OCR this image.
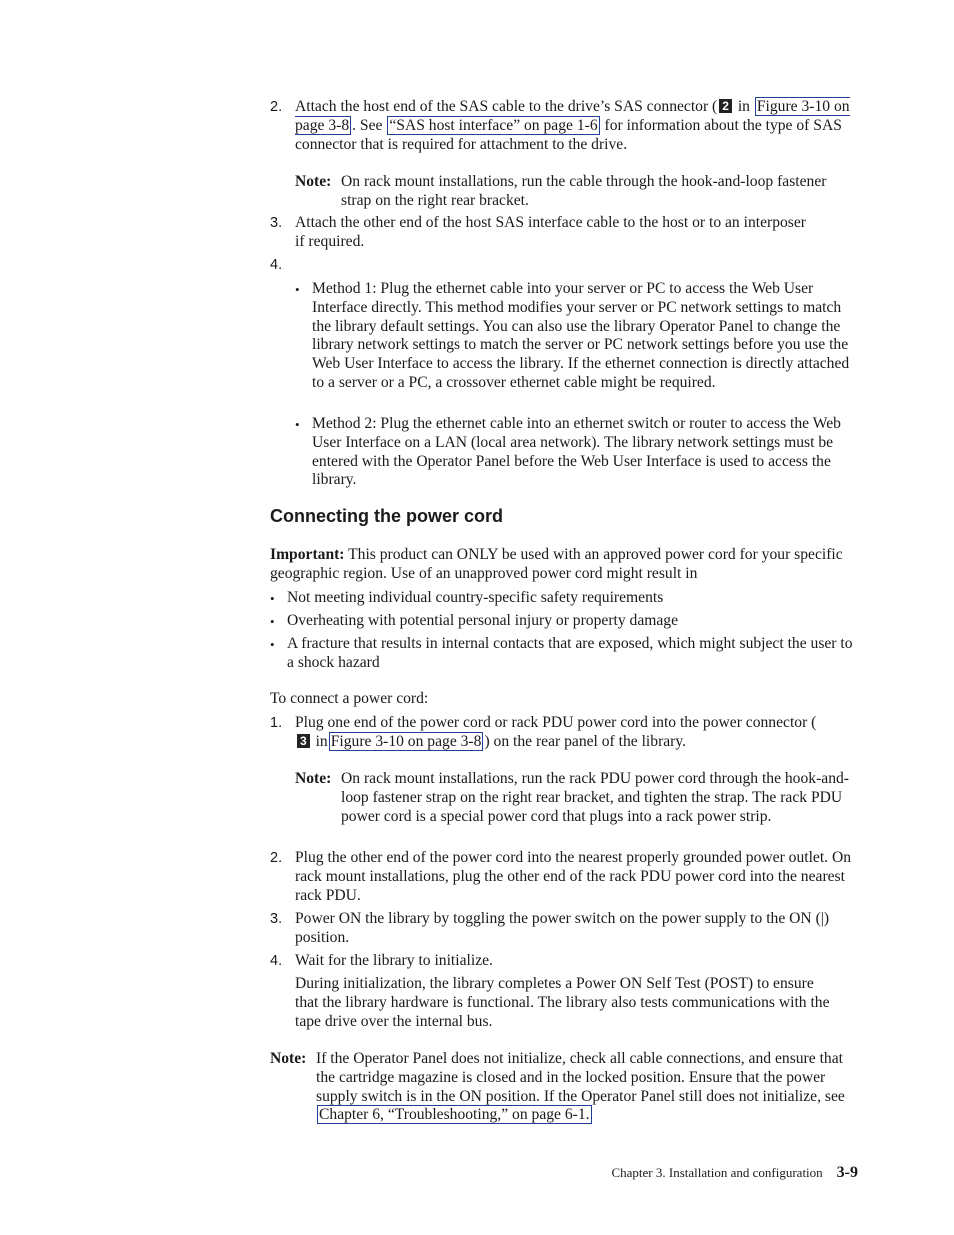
2. Attach the host end of the SAS cable to the drive’s SAS connector ( 2 in Figure 3-10 on page 3-8 . See “SAS host interface” on page 1-6 for information about the type of SAS connector that is required for attachment to the drive.
Note: On rack mount installations, run the cable through the hook-and-loop fastener strap on the right rear bracket.
3. Attach the other end of the host SAS interface cable to the host or to an interposer if required.
4.
• Method 1: Plug the ethernet cable into your server or PC to access the Web User Interface directly. This method modifies your server or PC network settings to match the library default settings. You can also use the library Operator Panel to change the library network settings to match the server or PC network settings before you use the Web User Interface to access the library. If the ethernet connection is directly attached to a server or a PC, a crossover ethernet cable might be required.
• Method 2: Plug the ethernet cable into an ethernet switch or router to access the Web User Interface on a LAN (local area network). The library network settings must be entered with the Operator Panel before the Web User Interface is used to access the library.
Connecting the power cord
Important: This product can ONLY be used with an approved power cord for your specific geographic region. Use of an unapproved power cord might result in
• Not meeting individual country-specific safety requirements
• Overheating with potential personal injury or property damage
• A fracture that results in internal contacts that are exposed, which might subject the user to a shock hazard
To connect a power cord:
1. Plug one end of the power cord or rack PDU power cord into the power connector (3 in Figure 3-10 on page 3-8 ) on the rear panel of the library.
Note: On rack mount installations, run the rack PDU power cord through the hook-and-loop fastener strap on the right rear bracket, and tighten the strap. The rack PDU power cord is a special power cord that plugs into a rack power strip.
2. Plug the other end of the power cord into the nearest properly grounded power outlet. On rack mount installations, plug the other end of the rack PDU power cord into the nearest rack PDU.
3. Power ON the library by toggling the power switch on the power supply to the ON (|) position.
4. Wait for the library to initialize.
During initialization, the library completes a Power ON Self Test (POST) to ensure that the library hardware is functional. The library also tests communications with the tape drive over the internal bus.
Note: If the Operator Panel does not initialize, check all cable connections, and ensure that the cartridge magazine is closed and in the locked position. Ensure that the power supply switch is in the ON position. If the Operator Panel still does not initialize, see Chapter 6, “Troubleshooting,” on page 6-1.
Chapter 3. Installation and configuration 3-9
